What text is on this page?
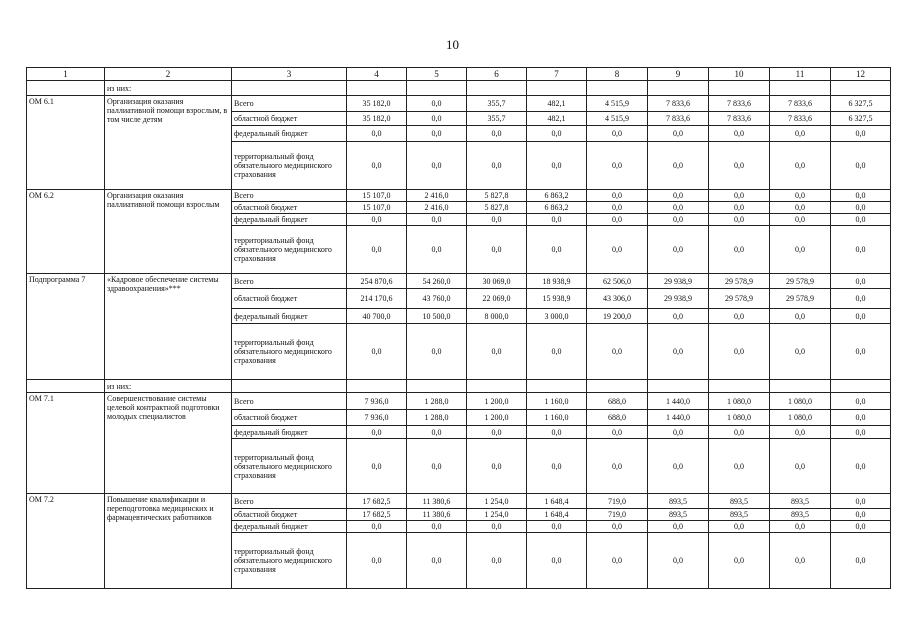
10
1	2	3	4	5	6	7	8	9	10	11	12
	из них:										
ОМ 6.1	Организация оказания паллиативной помощи взрослым, в том числе детям	Всего	35 182,0	0,0	355,7	482,1	4 515,9	7 833,6	7 833,6	7 833,6	6 327,5
		областной бюджет	35 182,0	0,0	355,7	482,1	4 515,9	7 833,6	7 833,6	7 833,6	6 327,5
		федеральный бюджет	0,0	0,0	0,0	0,0	0,0	0,0	0,0	0,0	0,0
		территориальный фонд обязательного медицинского страхования	0,0	0,0	0,0	0,0	0,0	0,0	0,0	0,0	0,0
ОМ 6.2	Организация оказания паллиативной помощи взрослым	Всего	15 107,0	2 416,0	5 827,8	6 863,2	0,0	0,0	0,0	0,0	0,0
		областной бюджет	15 107,0	2 416,0	5 827,8	6 863,2	0,0	0,0	0,0	0,0	0,0
		федеральный бюджет	0,0	0,0	0,0	0,0	0,0	0,0	0,0	0,0	0,0
		территориальный фонд обязательного медицинского страхования	0,0	0,0	0,0	0,0	0,0	0,0	0,0	0,0	0,0
Подпрограмма 7	«Кадровое обеспечение системы здравоохранения»***	Всего	254 870,6	54 260,0	30 069,0	18 938,9	62 506,0	29 938,9	29 578,9	29 578,9	0,0
		областной бюджет	214 170,6	43 760,0	22 069,0	15 938,9	43 306,0	29 938,9	29 578,9	29 578,9	0,0
		федеральный бюджет	40 700,0	10 500,0	8 000,0	3 000,0	19 200,0	0,0	0,0	0,0	0,0
		территориальный фонд обязательного медицинского страхования	0,0	0,0	0,0	0,0	0,0	0,0	0,0	0,0	0,0
	из них:										
ОМ 7.1	Совершенствование системы целевой контрактной подготовки молодых специалистов	Всего	7 936,0	1 288,0	1 200,0	1 160,0	688,0	1 440,0	1 080,0	1 080,0	0,0
		областной бюджет	7 936,0	1 288,0	1 200,0	1 160,0	688,0	1 440,0	1 080,0	1 080,0	0,0
		федеральный бюджет	0,0	0,0	0,0	0,0	0,0	0,0	0,0	0,0	0,0
		территориальный фонд обязательного медицинского страхования	0,0	0,0	0,0	0,0	0,0	0,0	0,0	0,0	0,0
ОМ 7.2	Повышение квалификации и переподготовка медицинских и фармацевтических работников	Всего	17 682,5	11 380,6	1 254,0	1 648,4	719,0	893,5	893,5	893,5	0,0
		областной бюджет	17 682,5	11 380,6	1 254,0	1 648,4	719,0	893,5	893,5	893,5	0,0
		федеральный бюджет	0,0	0,0	0,0	0,0	0,0	0,0	0,0	0,0	0,0
		территориальный фонд обязательного медицинского страхования	0,0	0,0	0,0	0,0	0,0	0,0	0,0	0,0	0,0
